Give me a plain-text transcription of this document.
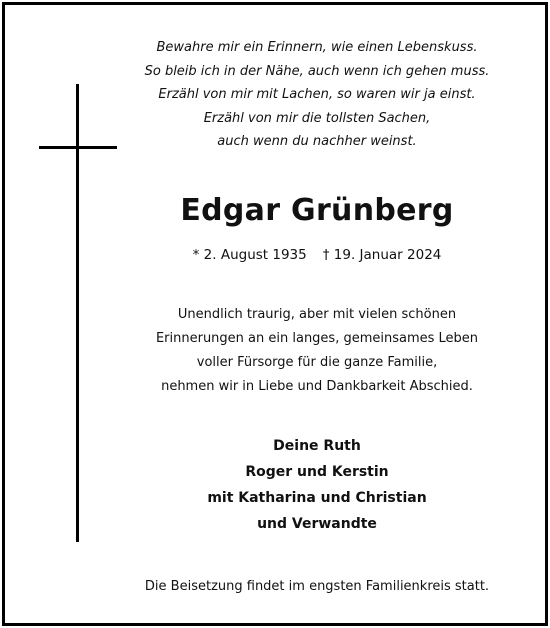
Bewahre mir ein Erinnern, wie einen Lebenskuss.
So bleib ich in der Nähe, auch wenn ich gehen muss.
Erzähl von mir mit Lachen, so waren wir ja einst.
Erzähl von mir die tollsten Sachen,
auch wenn du nachher weinst.
Edgar Grünberg
* 2. August 1935 † 19. Januar 2024
Unendlich traurig, aber mit vielen schönen
Erinnerungen an ein langes, gemeinsames Leben
voller Fürsorge für die ganze Familie,
nehmen wir in Liebe und Dankbarkeit Abschied.
Deine Ruth
Roger und Kerstin
mit Katharina und Christian
und Verwandte
Die Beisetzung findet im engsten Familienkreis statt.
